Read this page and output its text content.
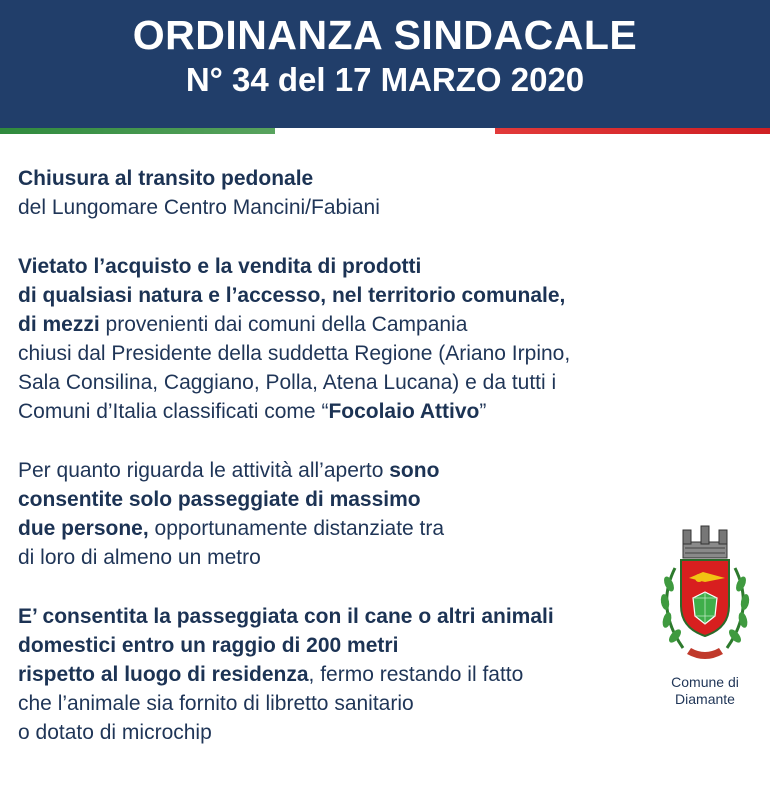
ORDINANZA SINDACALE
N° 34 del 17 MARZO 2020
Chiusura al transito pedonale
del Lungomare Centro Mancini/Fabiani
Vietato l’acquisto e la vendita di prodotti
di qualsiasi natura e l’accesso, nel territorio comunale,
di mezzi provenienti dai comuni della Campania
chiusi dal Presidente della suddetta Regione (Ariano Irpino,
Sala Consilina, Caggiano, Polla, Atena Lucana) e da tutti i
Comuni d’Italia classificati come “Focolaio Attivo”
Per quanto riguarda le attività all’aperto sono
consentite solo passeggiate di massimo
due persone, opportunamente distanziate tra
di loro di almeno un metro
E’ consentita la passeggiata con il cane o altri animali
domestici entro un raggio di 200 metri
rispetto al luogo di residenza, fermo restando il fatto
che l’animale sia fornito di libretto sanitario
o dotato di microchip
Comune di
Diamante
